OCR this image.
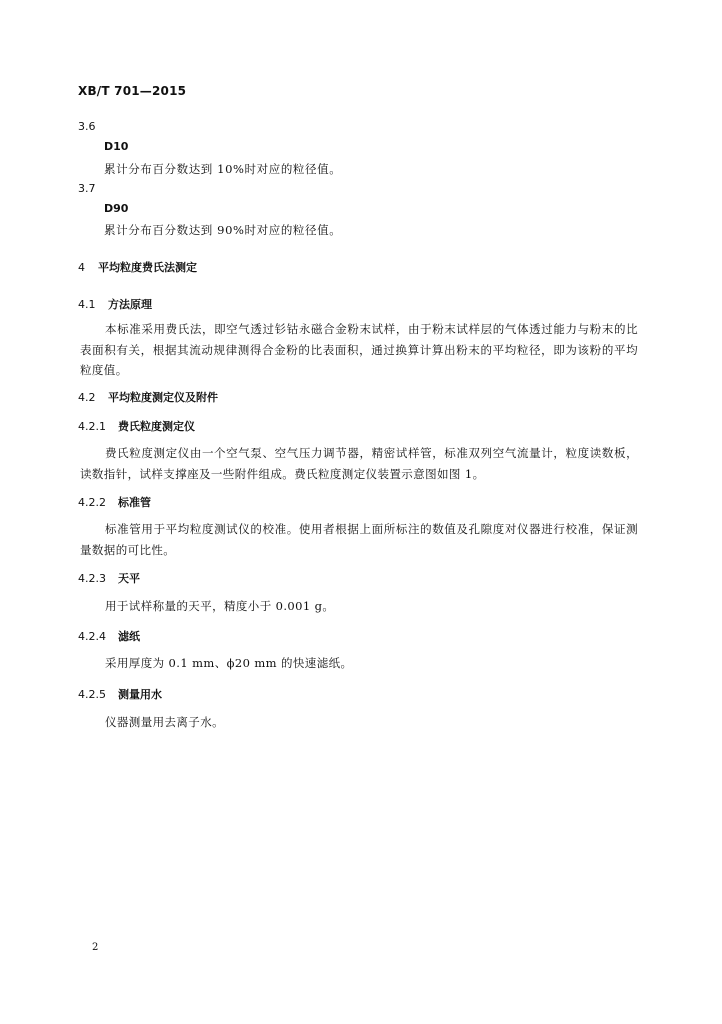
XB/T 701—2015
3.6
D10
累计分布百分数达到 10%时对应的粒径值。
3.7
D90
累计分布百分数达到 90%时对应的粒径值。
4 平均粒度费氏法测定
4.1 方法原理
本标准采用费氏法，即空气透过钐钴永磁合金粉末试样，由于粉末试样层的气体透过能力与粉末的比表面积有关，根据其流动规律测得合金粉的比表面积，通过换算计算出粉末的平均粒径，即为该粉的平均粒度值。
4.2 平均粒度测定仪及附件
4.2.1 费氏粒度测定仪
费氏粒度测定仪由一个空气泵、空气压力调节器，精密试样管，标准双列空气流量计，粒度读数板，读数指针，试样支撑座及一些附件组成。费氏粒度测定仪装置示意图如图 1。
4.2.2 标准管
标准管用于平均粒度测试仪的校准。使用者根据上面所标注的数值及孔隙度对仪器进行校准，保证测量数据的可比性。
4.2.3 天平
用于试样称量的天平，精度小于 0.001 g。
4.2.4 滤纸
采用厚度为 0.1 mm、ϕ20 mm 的快速滤纸。
4.2.5 测量用水
仪器测量用去离子水。
2
